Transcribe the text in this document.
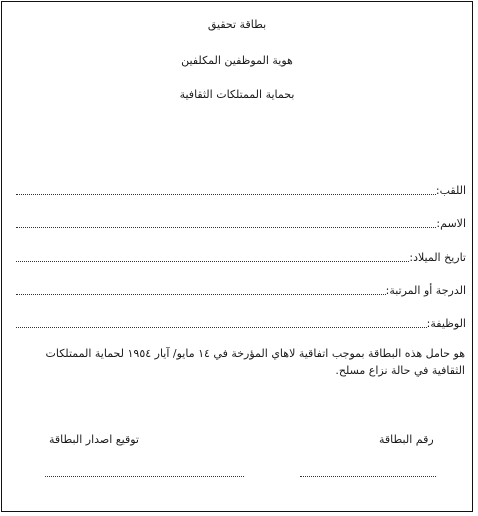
بطاقة تحقيق
هوية الموظفين المكلفين
بحماية الممتلكات الثقافية
اللقب:
الاسم:
تاريخ الميلاد:
الدرجة أو المرتبة:
الوظيفة:
هو حامل هذه البطاقة بموجب اتفاقية لاهاي المؤرخة في ١٤ مايو/ آيار ١٩٥٤ لحماية الممتلكات الثقافية في حالة نزاع مسلح.
رقم البطاقة
توقيع اصدار البطاقة
